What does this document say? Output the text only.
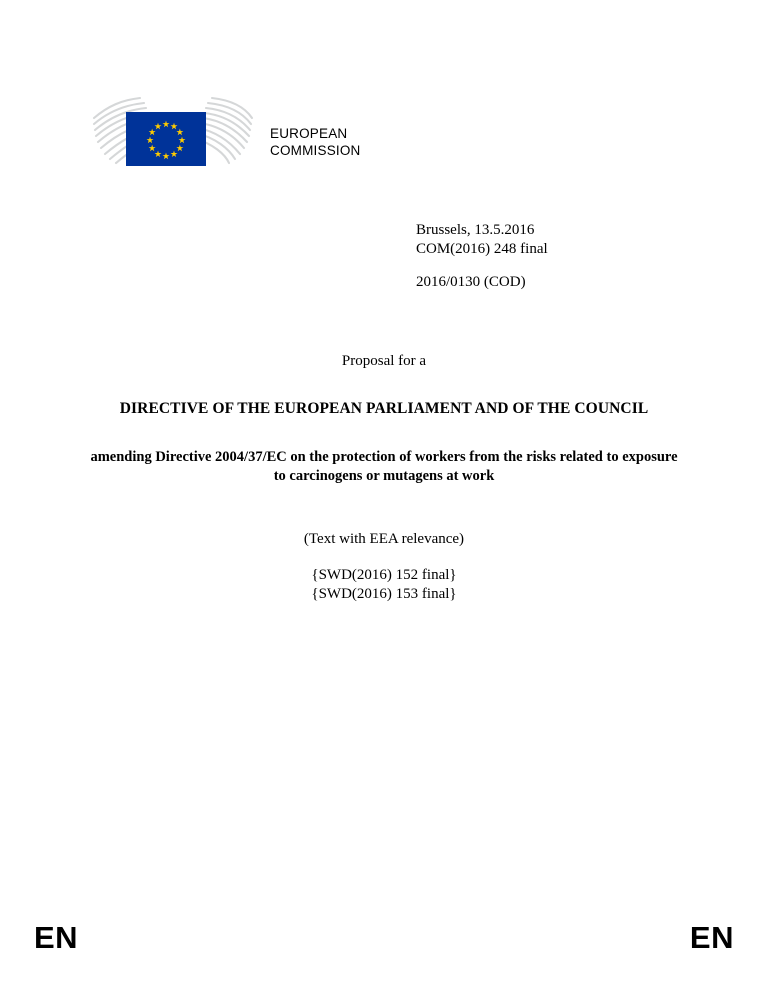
EUROPEAN
COMMISSION
Brussels, 13.5.2016
COM(2016) 248 final
2016/0130 (COD)
Proposal for a
DIRECTIVE OF THE EUROPEAN PARLIAMENT AND OF THE COUNCIL
amending Directive 2004/37/EC on the protection of workers from the risks related to exposure to carcinogens or mutagens at work
(Text with EEA relevance)
{SWD(2016) 152 final}
{SWD(2016) 153 final}
EN	EN
